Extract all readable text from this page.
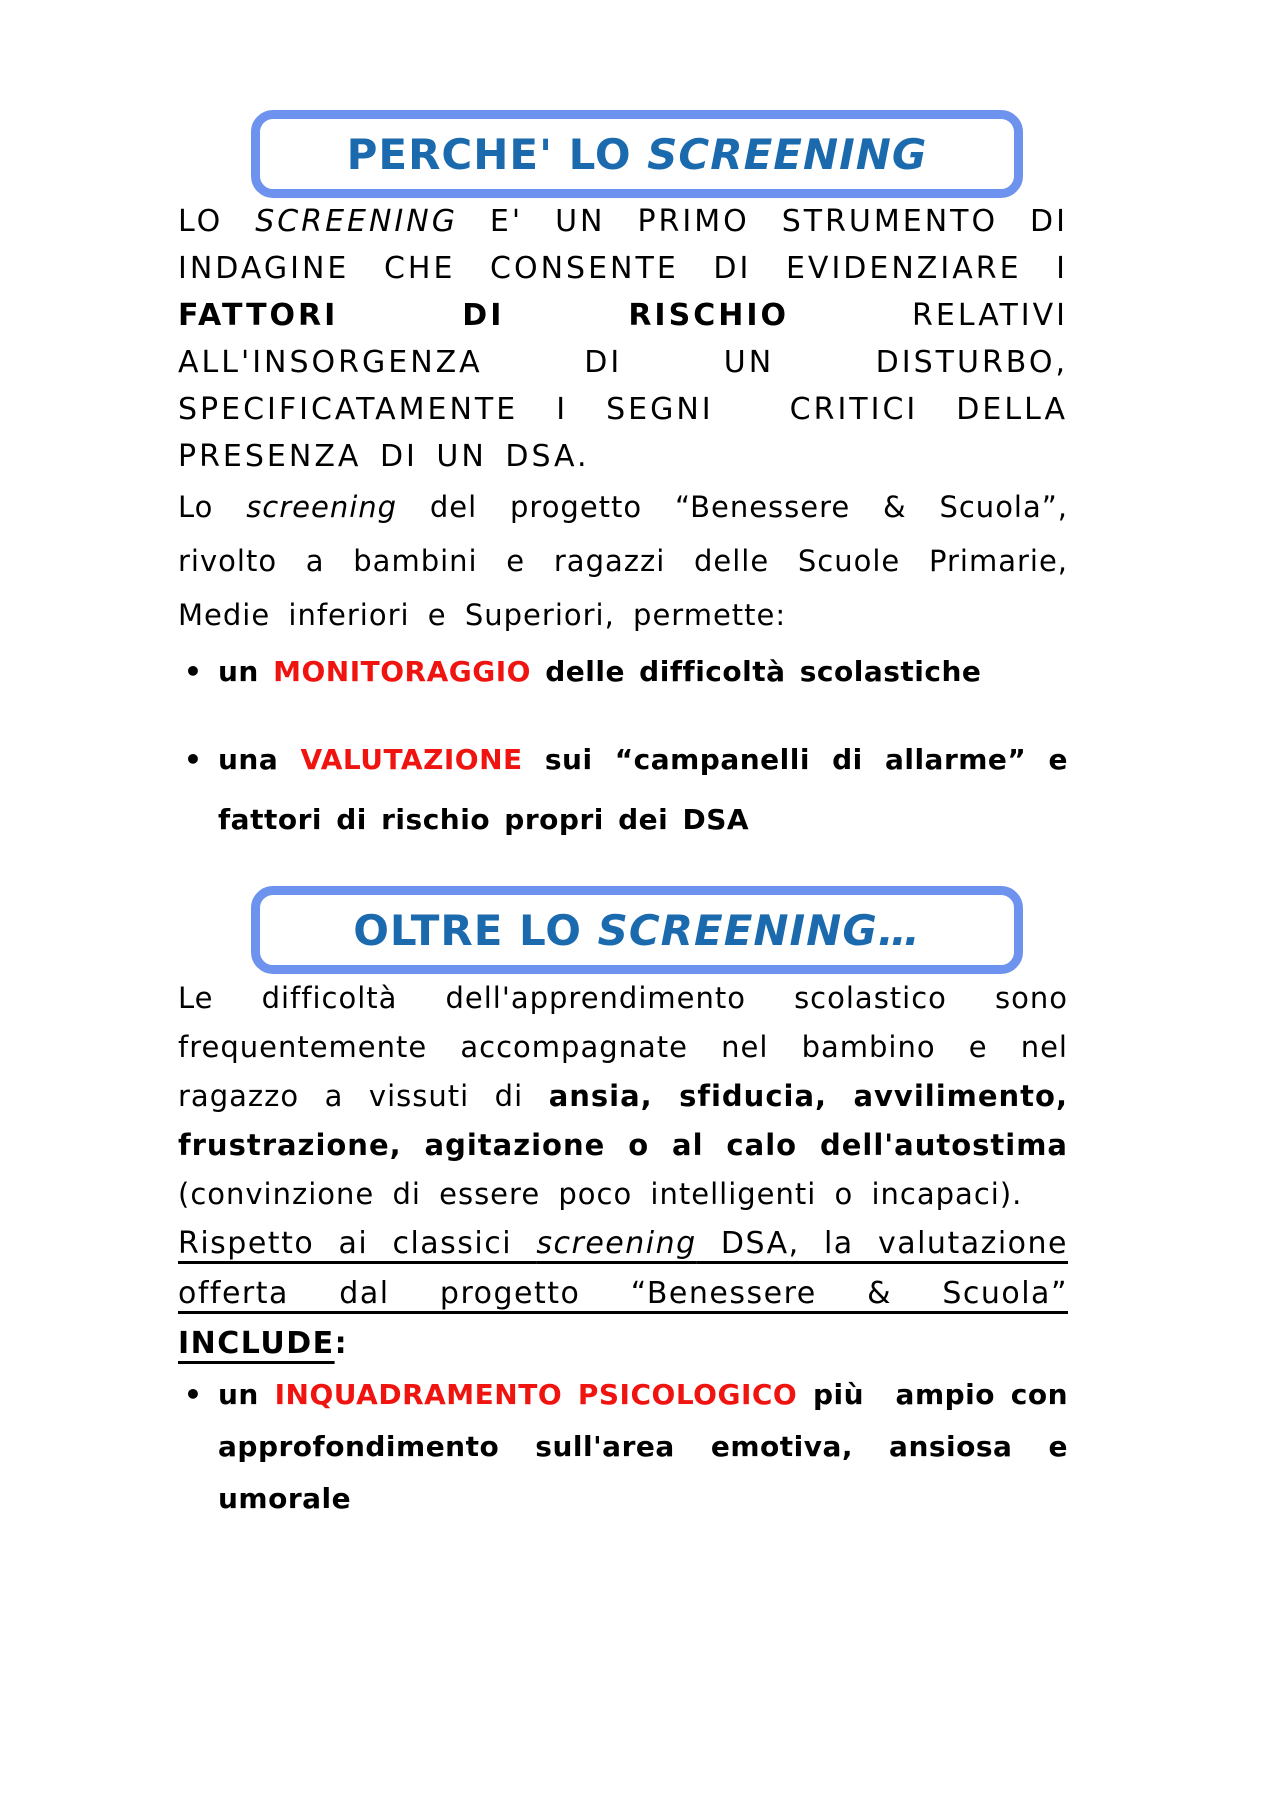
PERCHE' LO SCREENING

LO SCREENING E' UN PRIMO STRUMENTO DI INDAGINE CHE CONSENTE DI EVIDENZIARE I FATTORI DI RISCHIO RELATIVI ALL'INSORGENZA DI UN DISTURBO, SPECIFICATAMENTE I SEGNI  CRITICI DELLA PRESENZA DI UN DSA.

Lo screening del progetto “Benessere & Scuola”, rivolto a bambini e ragazzi delle Scuole Primarie, Medie inferiori e Superiori, permette:

• un MONITORAGGIO delle difficoltà scolastiche
• una VALUTAZIONE sui “campanelli di allarme” e fattori di rischio propri dei DSA
OLTRE LO SCREENING…

Le difficoltà dell'apprendimento scolastico sono frequentemente accompagnate nel bambino e nel ragazzo a vissuti di ansia, sfiducia, avvilimento, frustrazione, agitazione o al calo dell'autostima (convinzione di essere poco intelligenti o incapaci).

Rispetto ai classici screening DSA, la valutazione offerta dal progetto “Benessere & Scuola” INCLUDE:

• un INQUADRAMENTO PSICOLOGICO più  ampio con approfondimento sull'area emotiva, ansiosa e umorale
